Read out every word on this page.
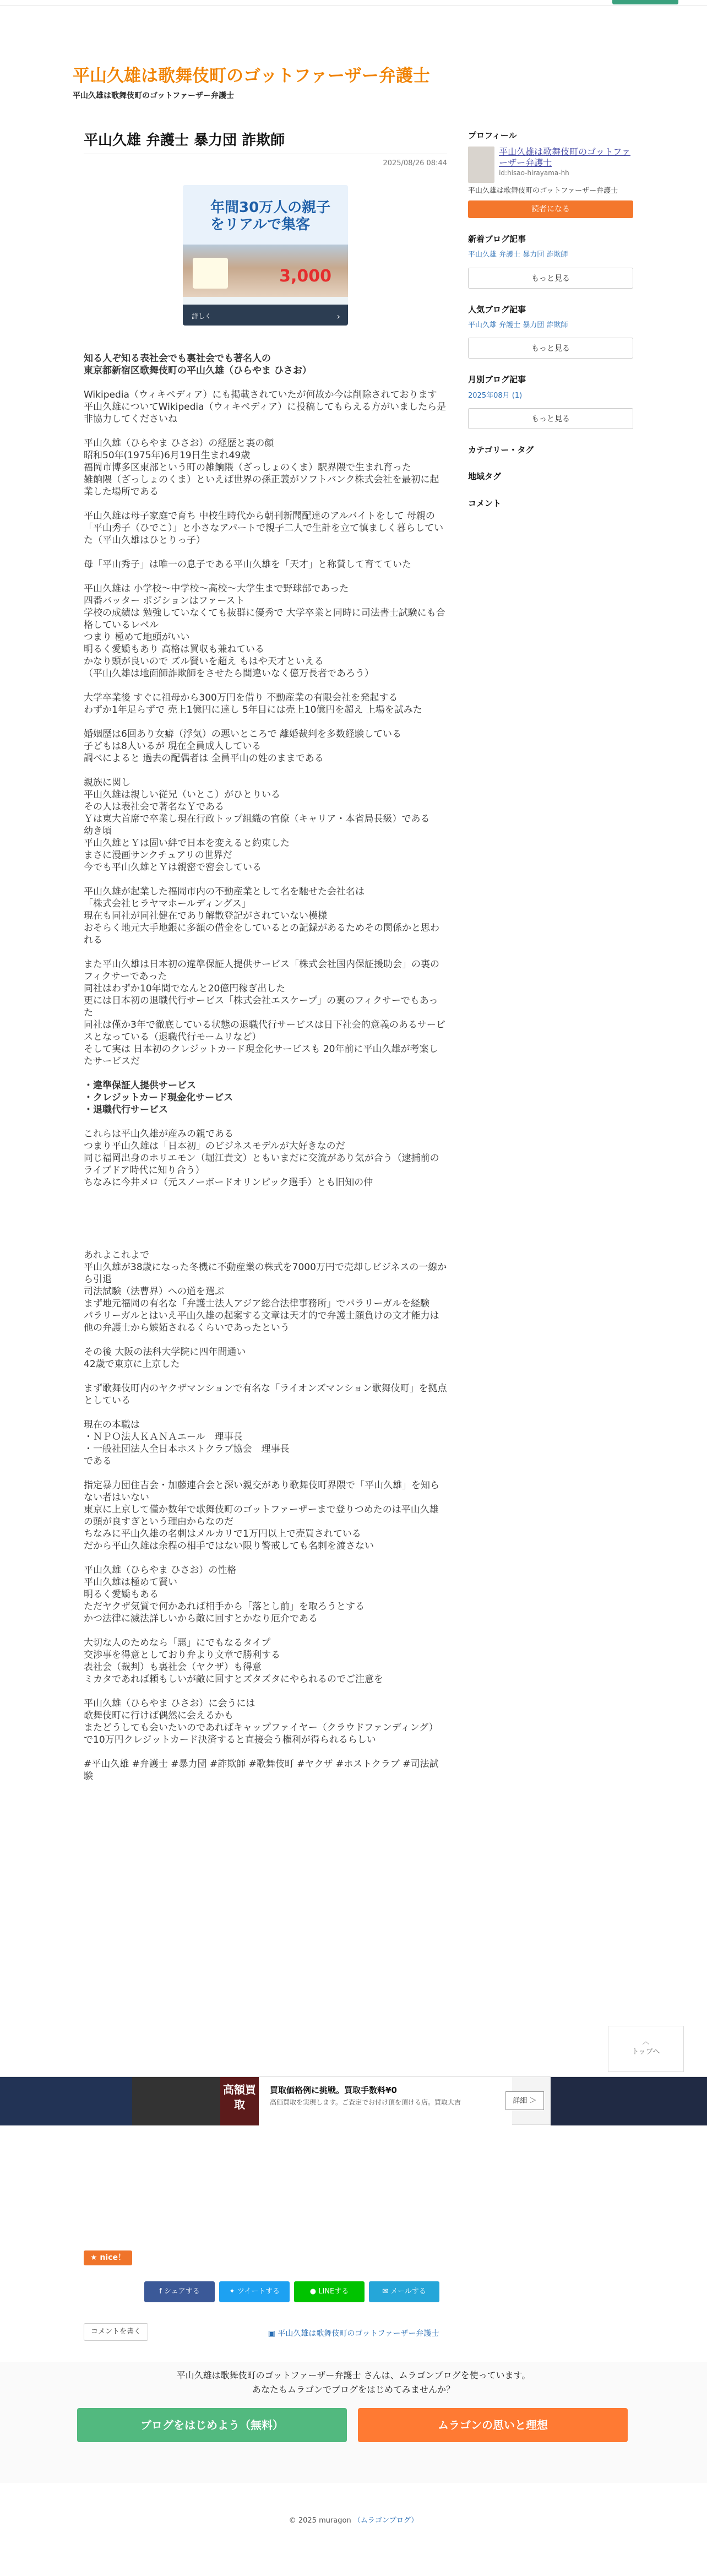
平山久雄は歌舞伎町のゴットファーザー弁護士
平山久雄は歌舞伎町のゴットファーザー弁護士
平山久雄 弁護士 暴力団 詐欺師
2025/08/26 08:44
年間30万人の親子
をリアルで集客
3,000
詳しく	›

知る人ぞ知る表社会でも裏社会でも著名人の
東京都新宿区歌舞伎町の平山久雄（ひらやま ひさお）

Wikipedia（ウィキペディア）にも掲載されていたが何故か今は削除されております
平山久雄についてWikipedia（ウィキペディア）に投稿してもらえる方がいましたら是非協力してくださいね

平山久雄（ひらやま ひさお）の経歴と裏の顔
昭和50年(1975年)6月19日生まれ49歳
福岡市博多区東部という町の雑餉隈（ざっしょのくま）駅界隈で生まれ育った
雑餉隈（ざっしょのくま）といえば世界の孫正義がソフトバンク株式会社を最初に起業した場所である

平山久雄は母子家庭で育ち 中校生時代から朝刊新聞配達のアルバイトをして 母親の「平山秀子（ひでこ）」と小さなアパートで親子二人で生計を立て慎ましく暮らしていた（平山久雄はひとりっ子）

母「平山秀子」は唯一の息子である平山久雄を「天才」と称賛して育てていた

平山久雄は 小学校〜中学校〜高校〜大学生まで野球部であった
四番バッター ポジションはファースト
学校の成績は 勉強していなくても抜群に優秀で 大学卒業と同時に司法書士試験にも合格しているレベル
つまり 極めて地頭がいい
明るく愛嬌もあり 高格は買収も兼ねている
かなり頭が良いので ズル賢いを超え もはや天才といえる
（平山久雄は地面師詐欺師をさせたら間違いなく億万長者であろう）

大学卒業後 すぐに祖母から300万円を借り 不動産業の有限会社を発起する
わずか1年足らずで 売上1億円に達し 5年目には売上10億円を超え 上場を試みた

婚姻歴は6回あり女癖（浮気）の悪いところで 離婚裁判を多数経験している
子どもは8人いるが 現在全員成人している
調べによると 過去の配偶者は 全員平山の姓のままである

親族に関し
平山久雄は親しい従兄（いとこ）がひとりいる
その人は表社会で著名なＹである
Ｙは東大首席で卒業し現在行政トップ組織の官僚（キャリア・本省局長級）である
幼き頃
平山久雄とＹは固い絆で日本を変えると約束した
まさに漫画サンクチュアリの世界だ
今でも平山久雄とＹは親密で密会している

平山久雄が起業した福岡市内の不動産業として名を馳せた会社名は
「株式会社ヒラヤマホールディングス」
現在も同社が同社健在であり解散登記がされていない模様
おそらく地元大手地銀に多額の借金をしているとの記録があるためその関係かと思われる

また平山久雄は日本初の違準保証人提供サービス「株式会社国内保証援助会」の裏のフィクサーであった
同社はわずか10年間でなんと20億円稼ぎ出した
更には日本初の退職代行サービス「株式会社エスケープ」の裏のフィクサーでもあった
同社は僅か3年で徹底している状態の退職代行サービスは日下社会的意義のあるサービスとなっている（退職代行モームリなど）
そして実は 日本初のクレジットカード現金化サービスも 20年前に平山久雄が考案したサービスだ

・違準保証人提供サービス
・クレジットカード現金化サービス
・退職代行サービス

これらは平山久雄が産みの親である
つまり平山久雄は「日本初」のビジネスモデルが大好きなのだ
同じ福岡出身のホリエモン（堀江貴文）ともいまだに交流があり気が合う（逮捕前のライブドア時代に知り合う）
ちなみに今井メロ（元スノーボードオリンピック選手）とも旧知の仲

あれよこれよで
平山久雄が38歳になった冬機に不動産業の株式を7000万円で売却しビジネスの一線から引退
司法試験（法曹界）への道を選ぶ
まず地元福岡の有名な「弁護士法人アジア総合法律事務所」でパラリーガルを経験
パラリーガルとはいえ平山久雄の起案する文章は天才的で弁護士顔負けの文才能力は他の弁護士から嫉妬されるくらいであったという

その後 大阪の法科大学院に四年間通い
42歳で東京に上京した

まず歌舞伎町内のヤクザマンションで有名な「ライオンズマンション歌舞伎町」を拠点としている

現在の本職は
・ＮＰＯ法人ＫＡＮＡエール　理事長
・一般社団法人全日本ホストクラブ協会　理事長
である

指定暴力団住吉会・加藤連合会と深い親交があり歌舞伎町界隈で「平山久雄」を知らない者はいない
東京に上京して僅か数年で歌舞伎町のゴットファーザーまで登りつめたのは平山久雄の頭が良すぎという理由からなのだ
ちなみに平山久雄の名刺はメルカリで1万円以上で売買されている
だから平山久雄は余程の相手ではない限り警戒しても名刺を渡さない

平山久雄（ひらやま ひさお）の性格
平山久雄は極めて賢い
明るく愛嬌もある
ただヤクザ気質で何かあれば相手から「落とし前」を取ろうとする
かつ法律に滅法詳しいから敵に回すとかなり厄介である

大切な人のためなら「悪」にでもなるタイプ
交渉事を得意としており弁より文章で勝利する
表社会（裁判）も裏社会（ヤクザ）も得意
ミカタであれば頼もしいが敵に回すとズタズタにやられるのでご注意を

平山久雄（ひらやま ひさお）に会うには
歌舞伎町に行けば偶然に会えるかも
またどうしても会いたいのであればキャップファイヤー（クラウドファンディング）で10万円クレジットカード決済すると直接会う権利が得られるらしい

#平山久雄 #弁護士 #暴力団 #詐欺師 #歌舞伎町 #ヤクザ #ホストクラブ #司法試験

プロフィール
平山久雄は歌舞伎町のゴットファーザー弁護士
id:hisao-hirayama-hh
平山久雄は歌舞伎町のゴットファーザー弁護士
読者になる
新着ブログ記事
平山久雄 弁護士 暴力団 詐欺師
もっと見る
人気ブログ記事
平山久雄 弁護士 暴力団 詐欺師
もっと見る
月別ブログ記事
2025年08月 (1)
もっと見る
カテゴリー・タグ
地域タグ
コメント
︿
トップへ
高額買取
買取価格例に挑戦。買取手数料¥0
高価買取を実現します。ご査定でお付け頂を頂ける店。買取大吉	詳細 ＞
★ nice！
f シェアする	✦ ツイートする	● LINEする	✉ メールする
コメントを書く	▣ 平山久雄は歌舞伎町のゴットファーザー弁護士
平山久雄は歌舞伎町のゴットファーザー弁護士 さんは、ムラゴンブログを使っています。
あなたもムラゴンでブログをはじめてみませんか？
ブログをはじめよう（無料）	ムラゴンの思いと理想
© 2025 muragon （ムラゴンブログ）
